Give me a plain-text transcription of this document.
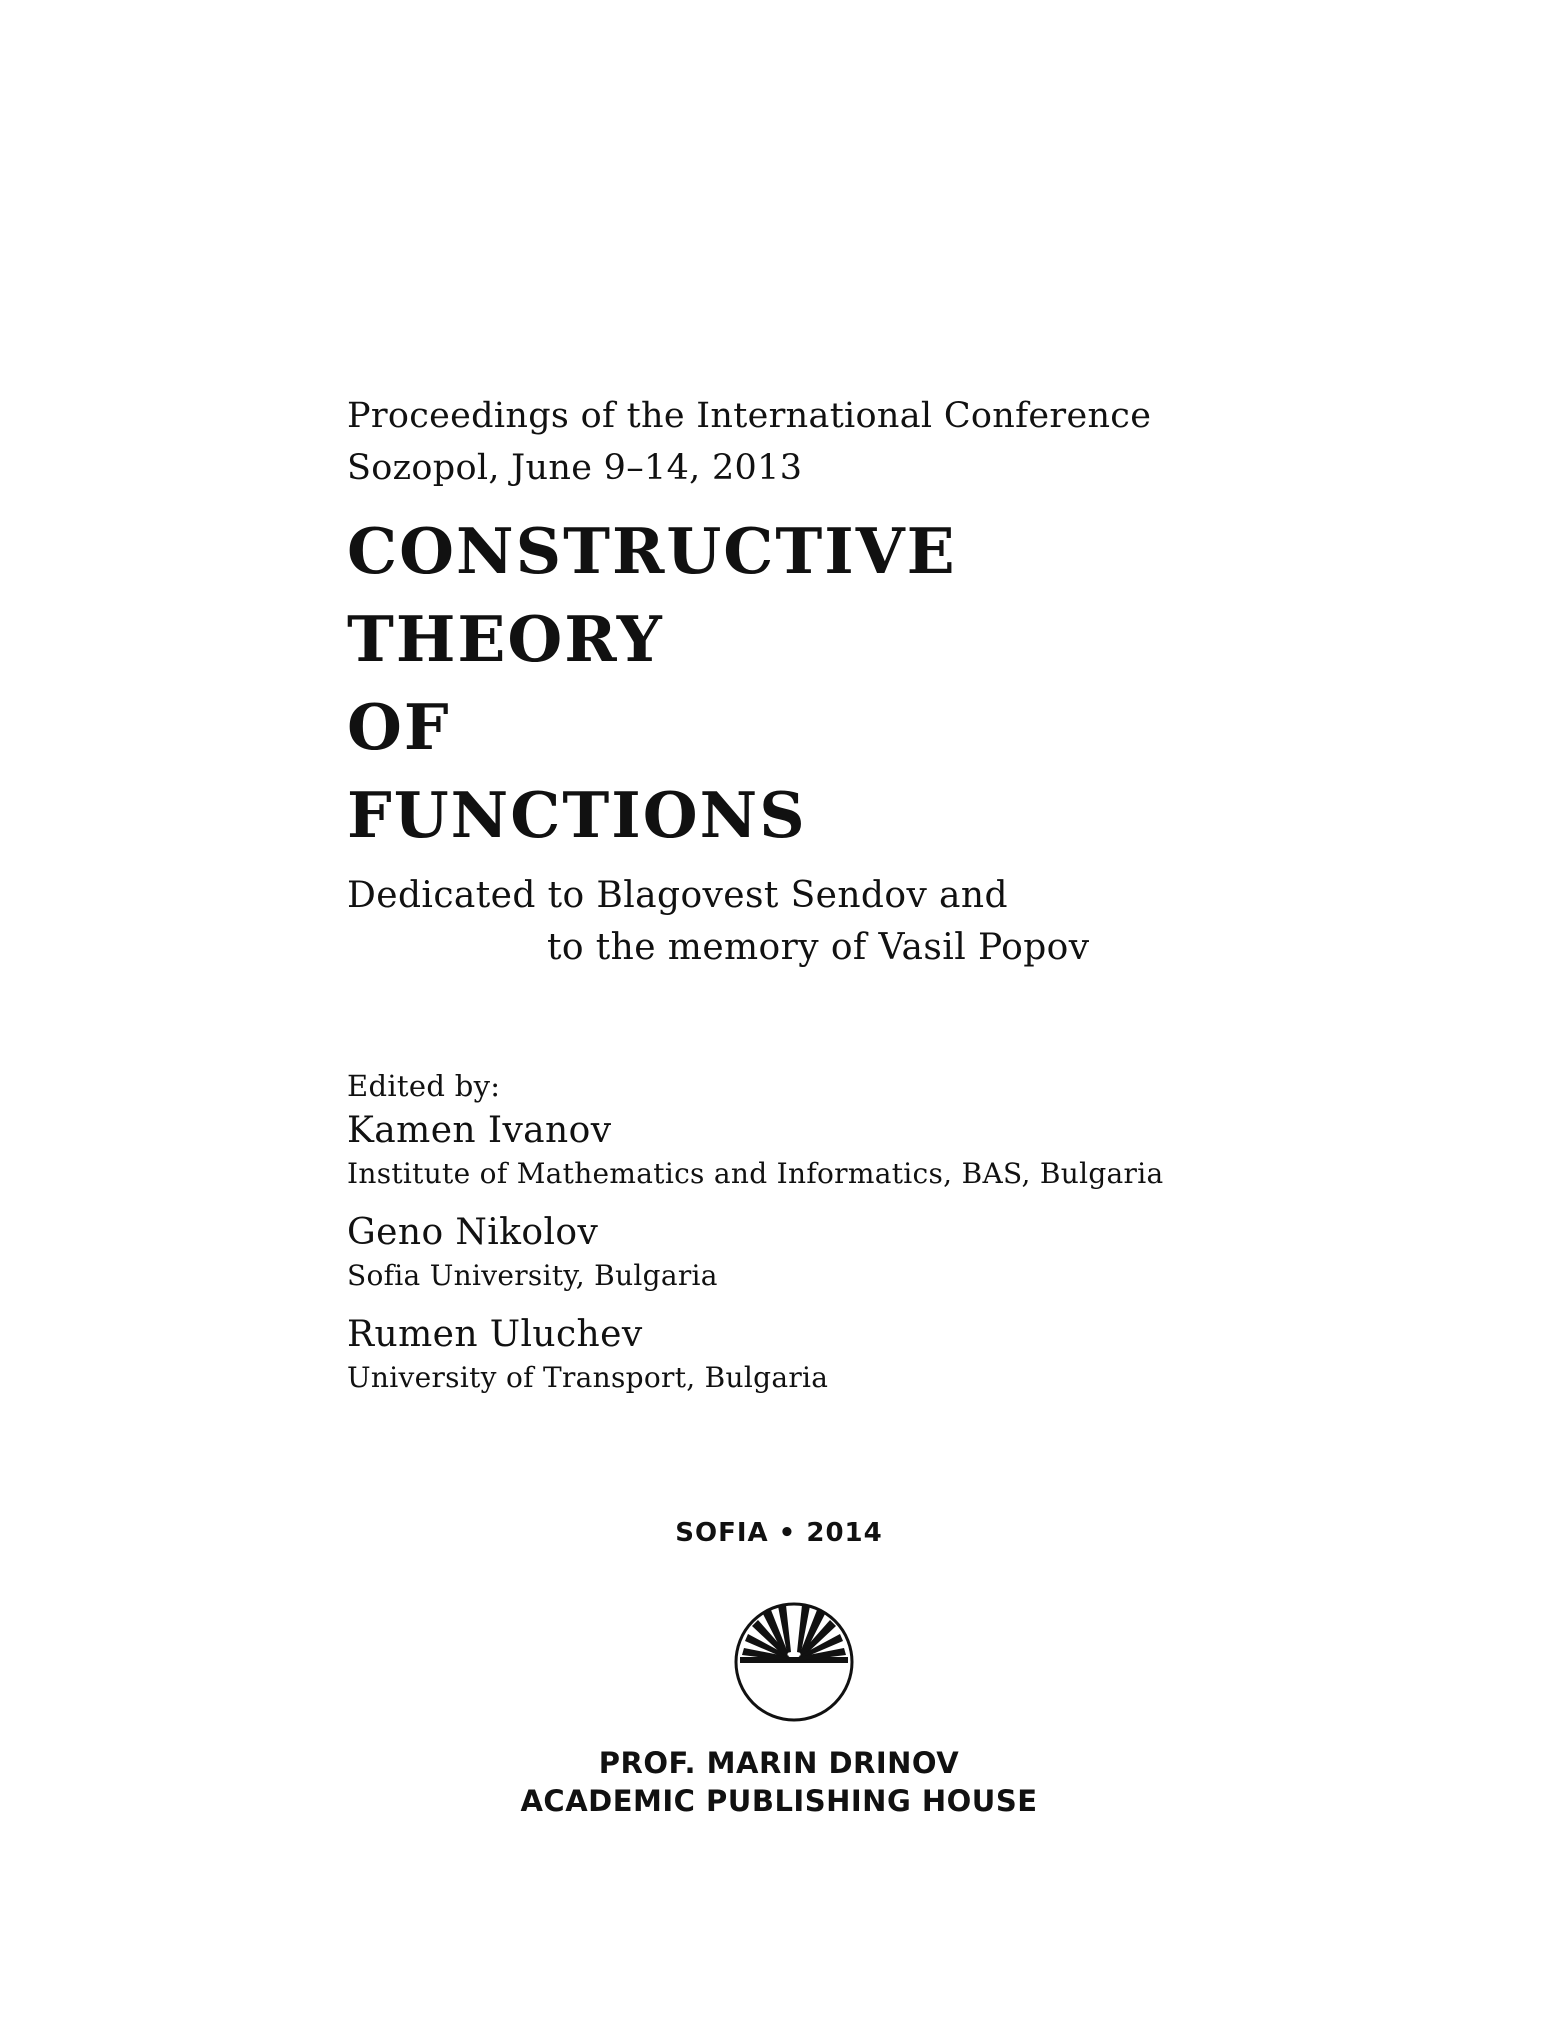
Proceedings of the International Conference
Sozopol, June 9–14, 2013
CONSTRUCTIVE
THEORY
OF
FUNCTIONS
Dedicated to Blagovest Sendov and
to the memory of Vasil Popov
Edited by:
Kamen Ivanov
Institute of Mathematics and Informatics, BAS, Bulgaria
Geno Nikolov
Sofia University, Bulgaria
Rumen Uluchev
University of Transport, Bulgaria
SOFIA • 2014
PROF. MARIN DRINOV
ACADEMIC PUBLISHING HOUSE
